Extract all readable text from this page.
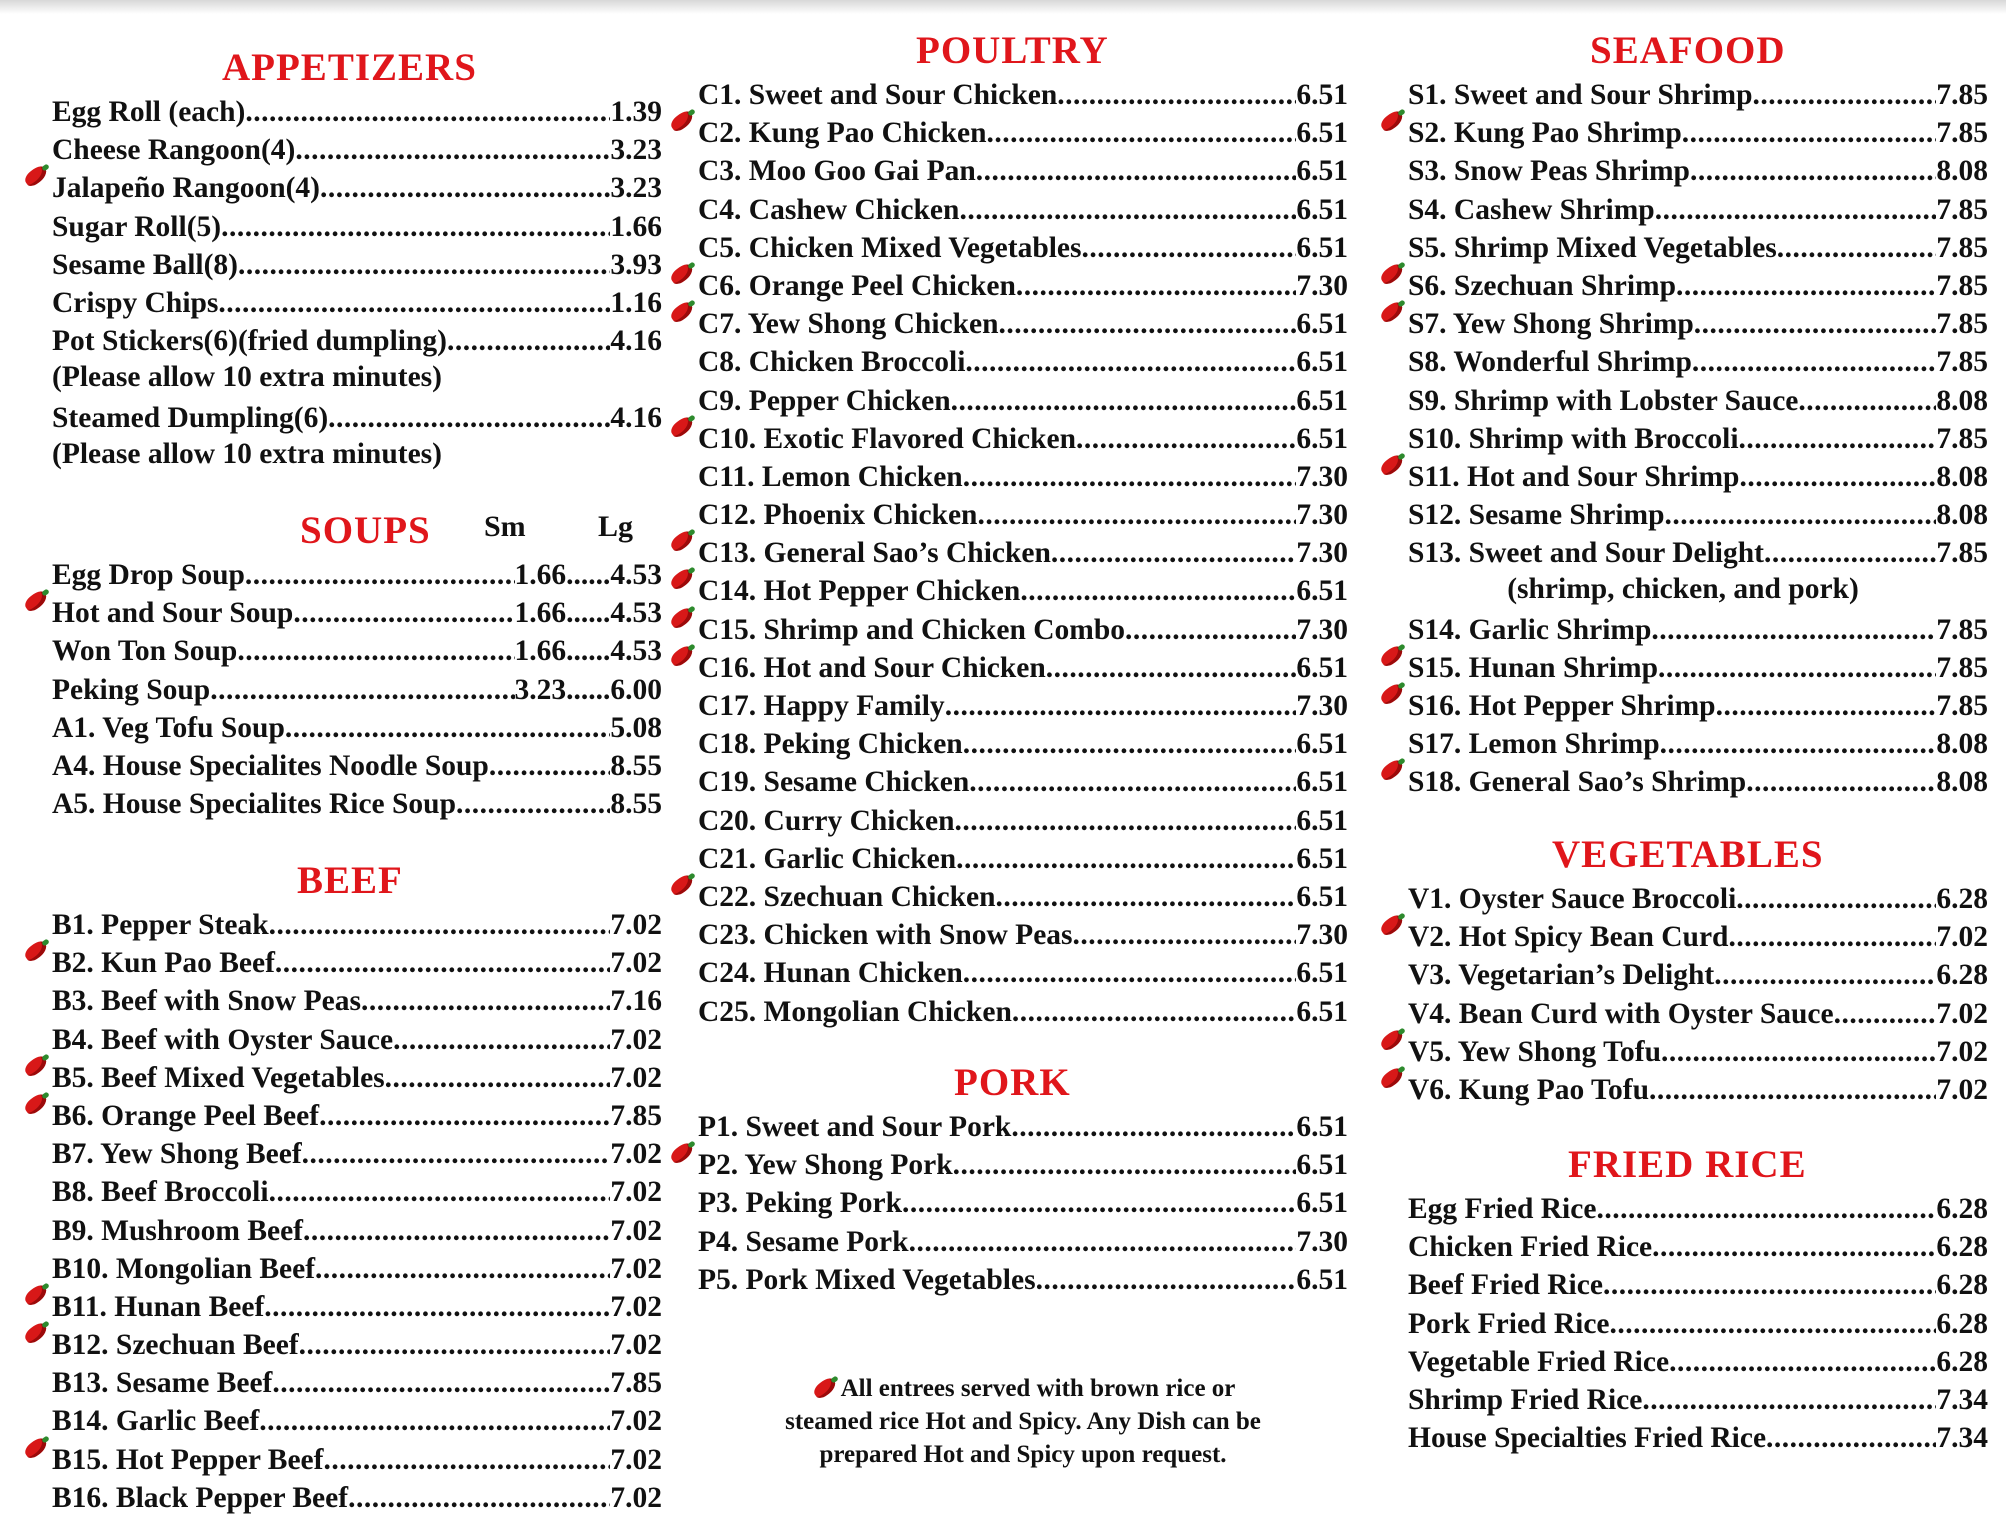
APPETIZERS
Egg Roll (each) .....	1.39
Cheese Rangoon(4) .....	3.23
Jalapeño Rangoon(4) .....	3.23
Sugar Roll(5) .....	1.66
Sesame Ball(8) .....	3.93
Crispy Chips .....	1.16
Pot Stickers(6)(fried dumpling) .....	4.16
(Please allow 10 extra minutes)
Steamed Dumpling(6) .....	4.16
(Please allow 10 extra minutes)
SOUPS Sm Lg
Egg Drop Soup .....	1.66......4.53
Hot and Sour Soup .....	1.66......4.53
Won Ton Soup .....	1.66......4.53
Peking Soup .....	3.23......6.00
A1. Veg Tofu Soup .....	5.08
A4. House Specialites Noodle Soup .....	8.55
A5. House Specialites Rice Soup .....	8.55
BEEF
B1. Pepper Steak .....	7.02
B2. Kun Pao Beef .....	7.02
B3. Beef with Snow Peas .....	7.16
B4. Beef with Oyster Sauce .....	7.02
B5. Beef Mixed Vegetables .....	7.02
B6. Orange Peel Beef .....	7.85
B7. Yew Shong Beef .....	7.02
B8. Beef Broccoli .....	7.02
B9. Mushroom Beef .....	7.02
B10. Mongolian Beef .....	7.02
B11. Hunan Beef .....	7.02
B12. Szechuan Beef .....	7.02
B13. Sesame Beef .....	7.85
B14. Garlic Beef .....	7.02
B15. Hot Pepper Beef .....	7.02
B16. Black Pepper Beef .....	7.02
POULTRY
C1. Sweet and Sour Chicken .....	6.51
C2. Kung Pao Chicken .....	6.51
C3. Moo Goo Gai Pan .....	6.51
C4. Cashew Chicken .....	6.51
C5. Chicken Mixed Vegetables .....	6.51
C6. Orange Peel Chicken .....	7.30
C7. Yew Shong Chicken .....	6.51
C8. Chicken Broccoli .....	6.51
C9. Pepper Chicken .....	6.51
C10. Exotic Flavored Chicken .....	6.51
C11. Lemon Chicken .....	7.30
C12. Phoenix Chicken .....	7.30
C13. General Sao’s Chicken .....	7.30
C14. Hot Pepper Chicken .....	6.51
C15. Shrimp and Chicken Combo .....	7.30
C16. Hot and Sour Chicken .....	6.51
C17. Happy Family .....	7.30
C18. Peking Chicken .....	6.51
C19. Sesame Chicken .....	6.51
C20. Curry Chicken .....	6.51
C21. Garlic Chicken .....	6.51
C22. Szechuan Chicken .....	6.51
C23. Chicken with Snow Peas .....	7.30
C24. Hunan Chicken .....	6.51
C25. Mongolian Chicken .....	6.51
PORK
P1. Sweet and Sour Pork .....	6.51
P2. Yew Shong Pork .....	6.51
P3. Peking Pork .....	6.51
P4. Sesame Pork .....	7.30
P5. Pork Mixed Vegetables .....	6.51
All entrees served with brown rice or
steamed rice Hot and Spicy. Any Dish can be
prepared Hot and Spicy upon request.
SEAFOOD
S1. Sweet and Sour Shrimp .....	7.85
S2. Kung Pao Shrimp .....	7.85
S3. Snow Peas Shrimp .....	8.08
S4. Cashew Shrimp .....	7.85
S5. Shrimp Mixed Vegetables .....	7.85
S6. Szechuan Shrimp .....	7.85
S7. Yew Shong Shrimp .....	7.85
S8. Wonderful Shrimp .....	7.85
S9. Shrimp with Lobster Sauce .....	8.08
S10. Shrimp with Broccoli .....	7.85
S11. Hot and Sour Shrimp .....	8.08
S12. Sesame Shrimp .....	8.08
S13. Sweet and Sour Delight .....	7.85
(shrimp, chicken, and pork)
S14. Garlic Shrimp .....	7.85
S15. Hunan Shrimp .....	7.85
S16. Hot Pepper Shrimp .....	7.85
S17. Lemon Shrimp .....	8.08
S18. General Sao’s Shrimp .....	8.08
VEGETABLES
V1. Oyster Sauce Broccoli .....	6.28
V2. Hot Spicy Bean Curd .....	7.02
V3. Vegetarian’s Delight .....	6.28
V4. Bean Curd with Oyster Sauce .....	7.02
V5. Yew Shong Tofu .....	7.02
V6. Kung Pao Tofu .....	7.02
FRIED RICE
Egg Fried Rice .....	6.28
Chicken Fried Rice .....	6.28
Beef Fried Rice .....	6.28
Pork Fried Rice .....	6.28
Vegetable Fried Rice .....	6.28
Shrimp Fried Rice .....	7.34
House Specialties Fried Rice .....	7.34
